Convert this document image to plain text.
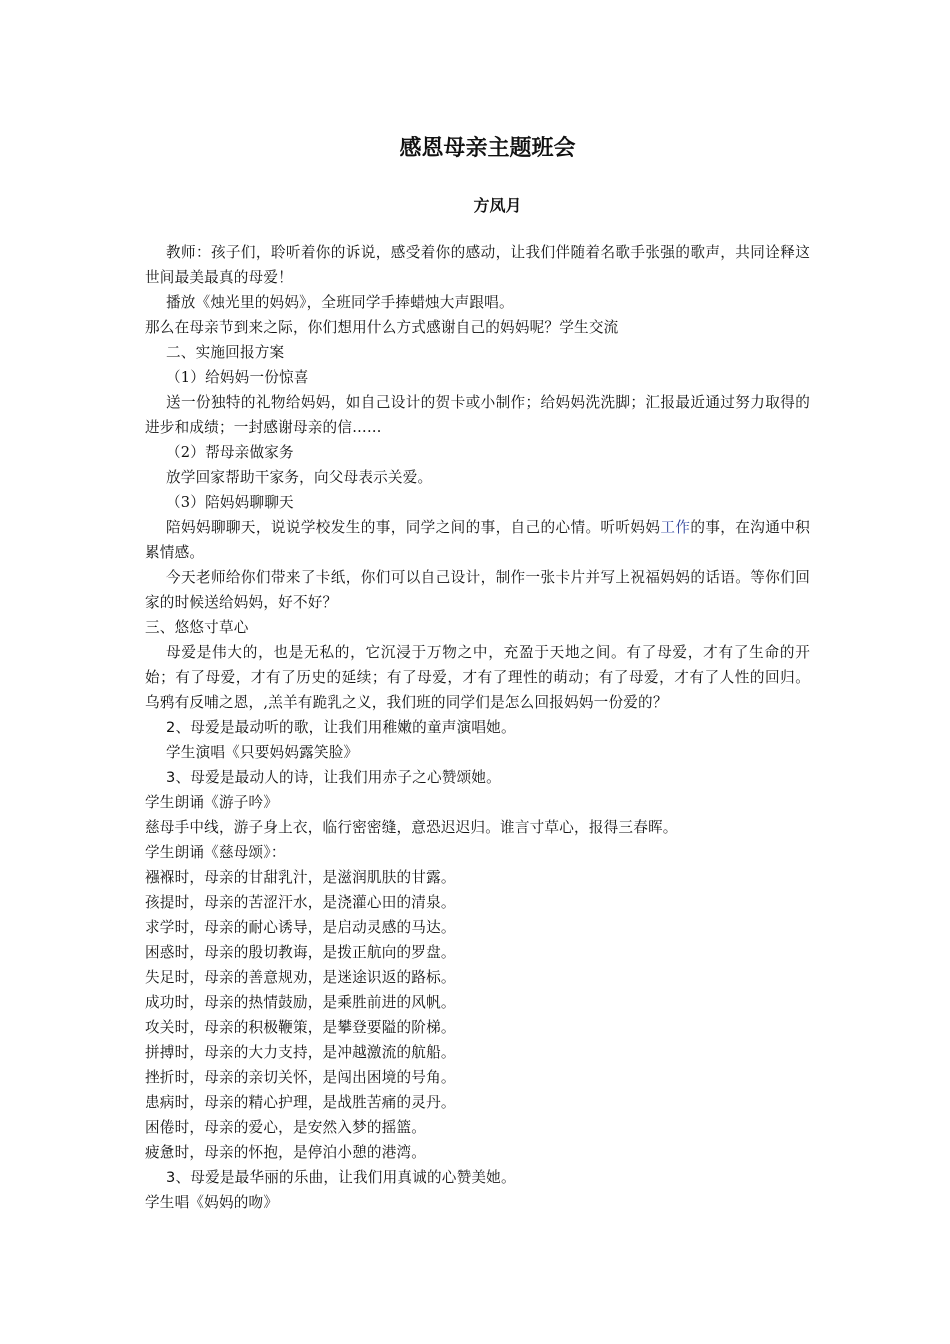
感恩母亲主题班会
方凤月

教师：孩子们，聆听着你的诉说，感受着你的感动，让我们伴随着名歌手张强的歌声，共同诠释这世间最美最真的母爱！

播放《烛光里的妈妈》，全班同学手捧蜡烛大声跟唱。

那么在母亲节到来之际，你们想用什么方式感谢自己的妈妈呢？学生交流

二、实施回报方案

（1）给妈妈一份惊喜

送一份独特的礼物给妈妈，如自己设计的贺卡或小制作；给妈妈洗洗脚；汇报最近通过努力取得的进步和成绩；一封感谢母亲的信……

（2）帮母亲做家务

放学回家帮助干家务，向父母表示关爱。

（3）陪妈妈聊聊天

陪妈妈聊聊天，说说学校发生的事，同学之间的事，自己的心情。听听妈妈工作的事，在沟通中积累情感。

今天老师给你们带来了卡纸，你们可以自己设计，制作一张卡片并写上祝福妈妈的话语。等你们回家的时候送给妈妈，好不好？

三、悠悠寸草心

母爱是伟大的，也是无私的，它沉浸于万物之中，充盈于天地之间。有了母爱，才有了生命的开始；有了母爱，才有了历史的延续；有了母爱，才有了理性的萌动；有了母爱，才有了人性的回归。乌鸦有反哺之恩，,羔羊有跪乳之义，我们班的同学们是怎么回报妈妈一份爱的？

2、母爱是最动听的歌，让我们用稚嫩的童声演唱她。

学生演唱《只要妈妈露笑脸》

3、母爱是最动人的诗，让我们用赤子之心赞颂她。

学生朗诵《游子吟》

慈母手中线，游子身上衣，临行密密缝，意恐迟迟归。谁言寸草心，报得三春晖。

学生朗诵《慈母颂》：

襁褓时，母亲的甘甜乳汁，是滋润肌肤的甘露。

孩提时，母亲的苦涩汗水，是浇灌心田的清泉。

求学时，母亲的耐心诱导，是启动灵感的马达。

困惑时，母亲的殷切教诲，是拨正航向的罗盘。

失足时，母亲的善意规劝，是迷途识返的路标。

成功时，母亲的热情鼓励，是乘胜前进的风帆。

攻关时，母亲的积极鞭策，是攀登要隘的阶梯。

拼搏时，母亲的大力支持，是冲越激流的航船。

挫折时，母亲的亲切关怀，是闯出困境的号角。

患病时，母亲的精心护理，是战胜苦痛的灵丹。

困倦时，母亲的爱心，是安然入梦的摇篮。

疲惫时，母亲的怀抱，是停泊小憩的港湾。

3、母爱是最华丽的乐曲，让我们用真诚的心赞美她。

学生唱《妈妈的吻》
